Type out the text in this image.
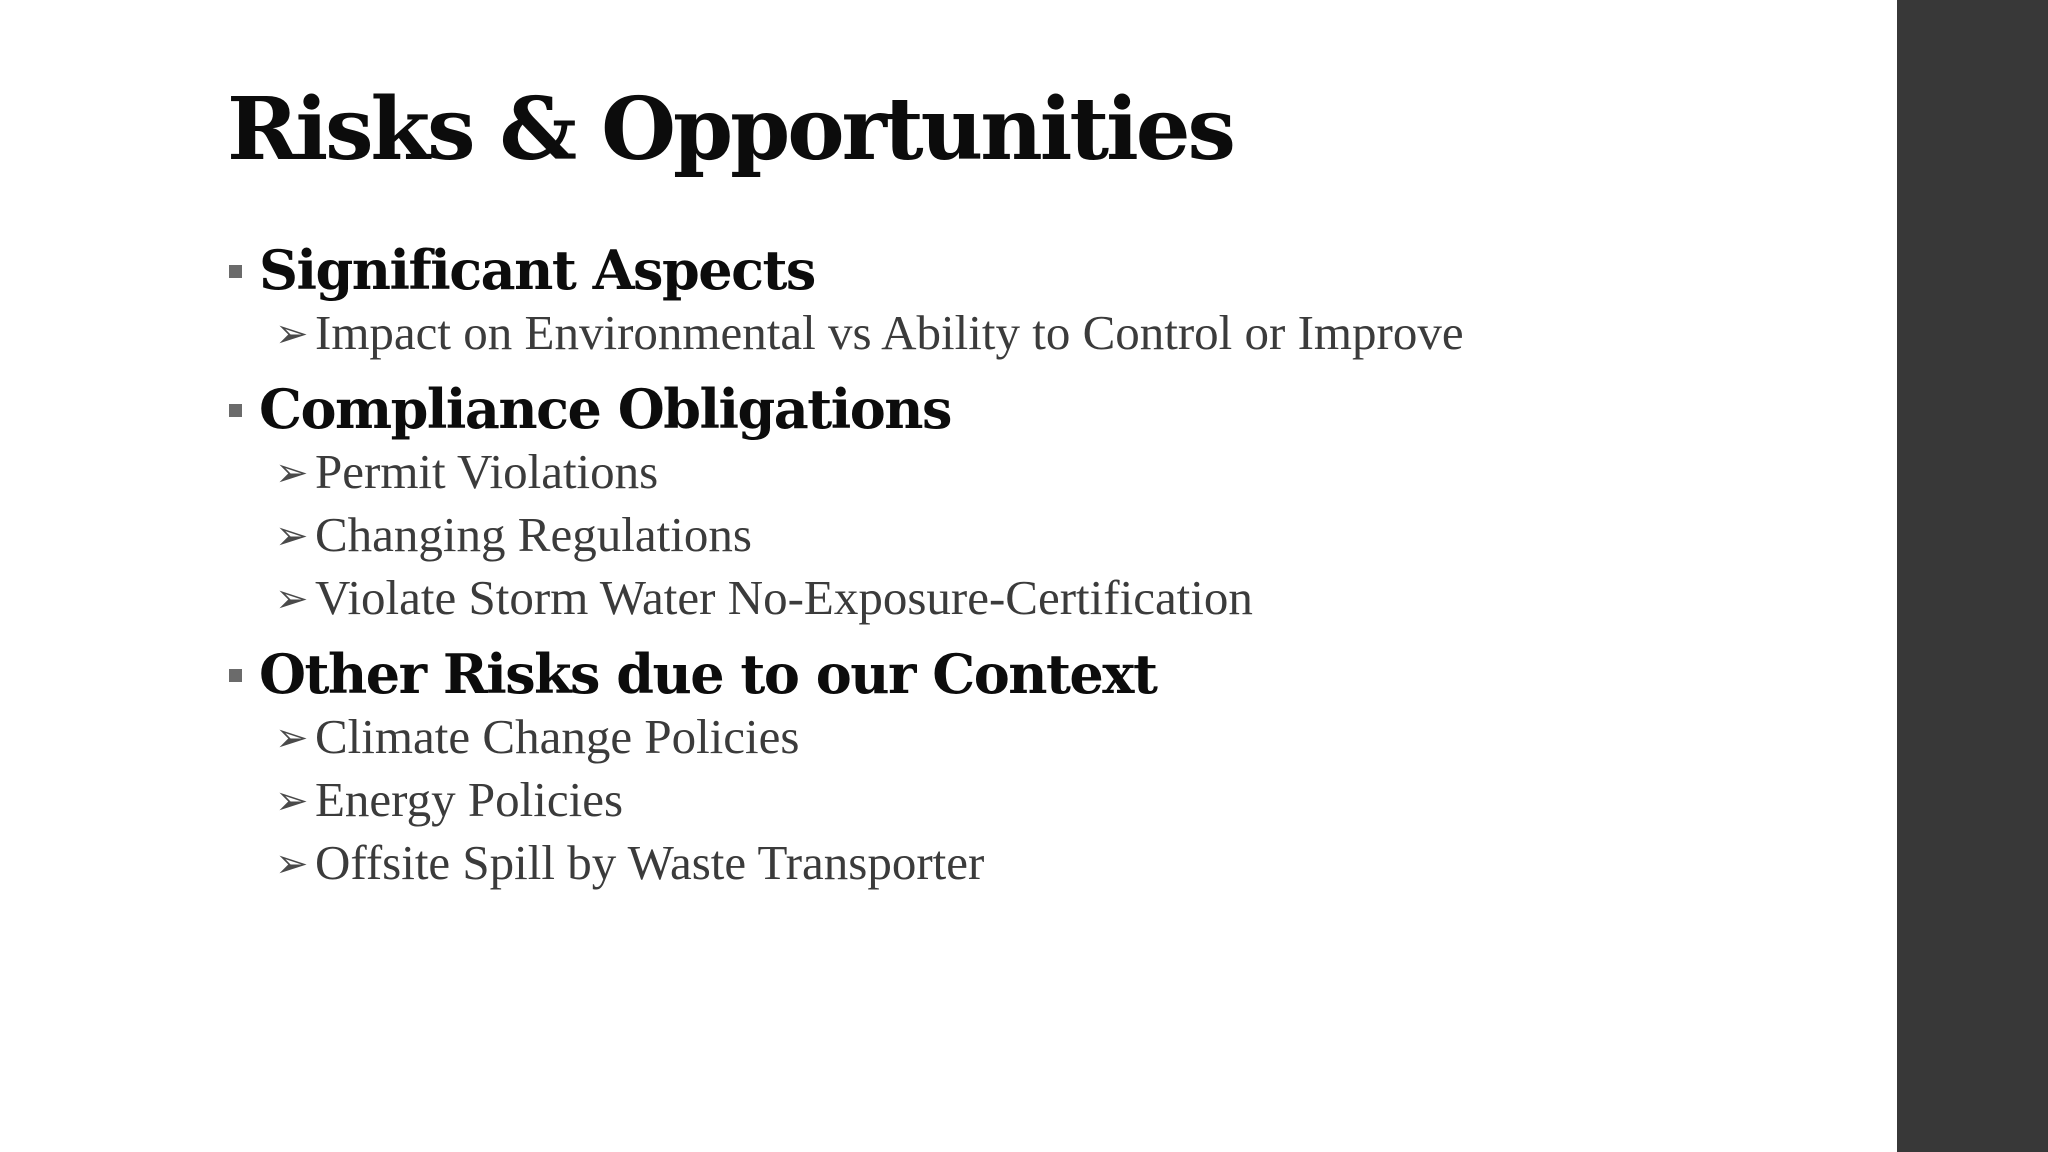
Risks & Opportunities
Significant Aspects
➢ Impact on Environmental vs Ability to Control or Improve
Compliance Obligations
➢ Permit Violations
➢ Changing Regulations
➢ Violate Storm Water No-Exposure-Certification
Other Risks due to our Context
➢ Climate Change Policies
➢ Energy Policies
➢ Offsite Spill by Waste Transporter
